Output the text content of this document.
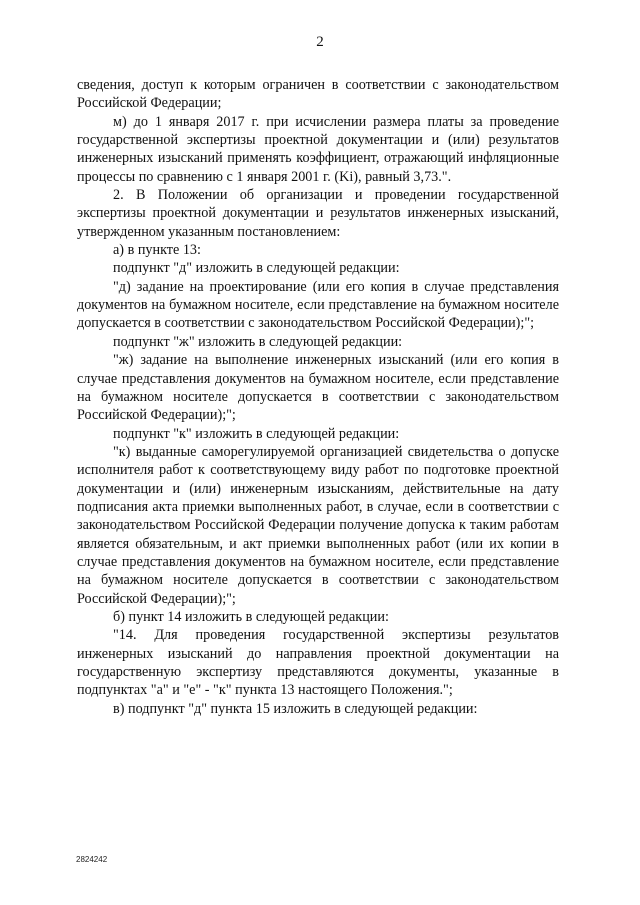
2

сведения, доступ к которым ограничен в соответствии с законодательством Российской Федерации;

м) до 1 января 2017 г. при исчислении размера платы за проведение государственной экспертизы проектной документации и (или) результатов инженерных изысканий применять коэффициент, отражающий инфляционные процессы по сравнению с 1 января 2001 г. (Ki), равный 3,73.".

2. В Положении об организации и проведении государственной экспертизы проектной документации и результатов инженерных изысканий, утвержденном указанным постановлением:

а) в пункте 13:

подпункт "д" изложить в следующей редакции:

"д) задание на проектирование (или его копия в случае представления документов на бумажном носителе, если представление на бумажном носителе допускается в соответствии с законодательством Российской Федерации);";

подпункт "ж" изложить в следующей редакции:

"ж) задание на выполнение инженерных изысканий (или его копия в случае представления документов на бумажном носителе, если представление на бумажном носителе допускается в соответствии с законодательством Российской Федерации);";

подпункт "к" изложить в следующей редакции:

"к) выданные саморегулируемой организацией свидетельства о допуске исполнителя работ к соответствующему виду работ по подготовке проектной документации и (или) инженерным изысканиям, действительные на дату подписания акта приемки выполненных работ, в случае, если в соответствии с законодательством Российской Федерации получение допуска к таким работам является обязательным, и акт приемки выполненных работ (или их копии в случае представления документов на бумажном носителе, если представление на бумажном носителе допускается в соответствии с законодательством Российской Федерации);";

б) пункт 14 изложить в следующей редакции:

"14. Для проведения государственной экспертизы результатов инженерных изысканий до направления проектной документации на государственную экспертизу представляются документы, указанные в подпунктах "а" и "е" - "к" пункта 13 настоящего Положения.";

в) подпункт "д" пункта 15 изложить в следующей редакции:

2824242
